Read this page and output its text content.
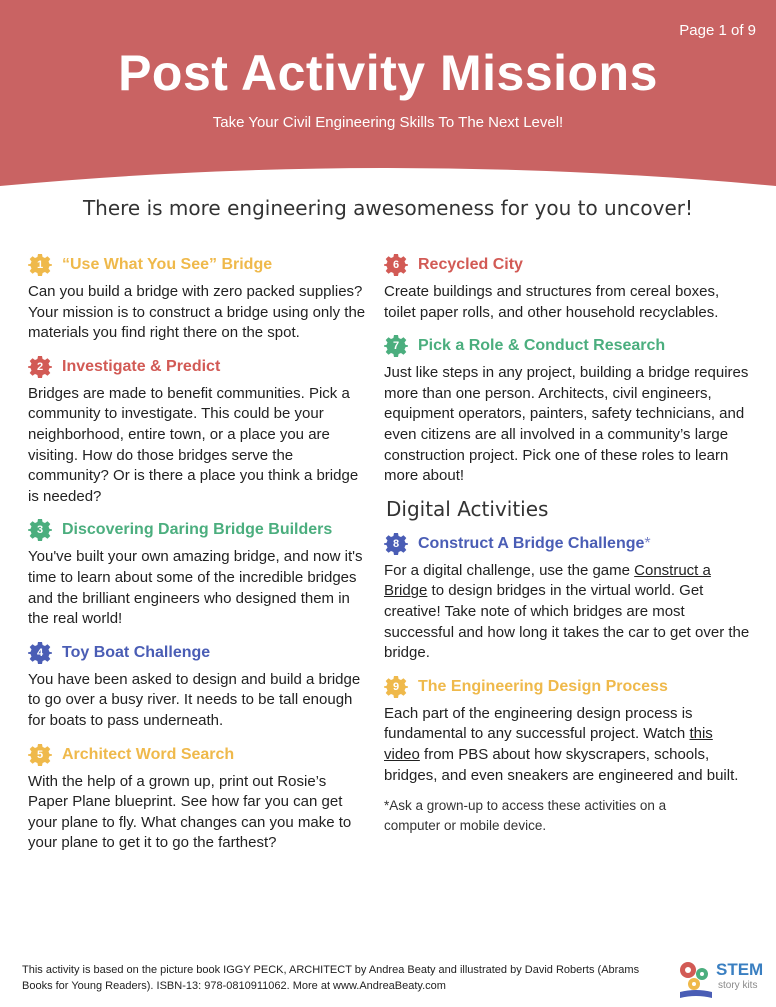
Page 1 of 9
Post Activity Missions
Take Your Civil Engineering Skills To The Next Level!
There is more engineering awesomeness for you to uncover!
1	“Use What You See” Bridge
Can you build a bridge with zero packed supplies? Your mission is to construct a bridge using only the materials you find right there on the spot.
2	Investigate & Predict
Bridges are made to benefit communities. Pick a community to investigate. This could be your neighborhood, entire town, or a place you are visiting. How do those bridges serve the community? Or is there a place you think a bridge is needed?
3	Discovering Daring Bridge Builders
You've built your own amazing bridge, and now it's time to learn about some of the incredible bridges and the brilliant engineers who designed them in the real world!
4	Toy Boat Challenge
You have been asked to design and build a bridge to go over a busy river. It needs to be tall enough for boats to pass underneath.
5	Architect Word Search
With the help of a grown up, print out Rosie’s Paper Plane blueprint. See how far you can get your plane to fly. What changes can you make to your plane to get it to go the farthest?
6	Recycled City
Create buildings and structures from cereal boxes, toilet paper rolls, and other household recyclables.
7	Pick a Role & Conduct Research
Just like steps in any project, building a bridge requires more than one person. Architects, civil engineers, equipment operators, painters, safety technicians, and even citizens are all involved in a community’s large construction project. Pick one of these roles to learn more about!
Digital Activities
8	Construct A Bridge Challenge*
For a digital challenge, use the game Construct a Bridge to design bridges in the virtual world. Get creative! Take note of which bridges are most successful and how long it takes the car to get over the bridge.
9	The Engineering Design Process
Each part of the engineering design process is fundamental to any successful project. Watch this video from PBS about how skyscrapers, schools, bridges, and even sneakers are engineered and built.
*Ask a grown-up to access these activities on a computer or mobile device.
This activity is based on the picture book IGGY PECK, ARCHITECT by Andrea Beaty and illustrated by David Roberts (Abrams Books for Young Readers). ISBN-13: 978-0810911062. More at www.AndreaBeaty.com
STEM
story kits
